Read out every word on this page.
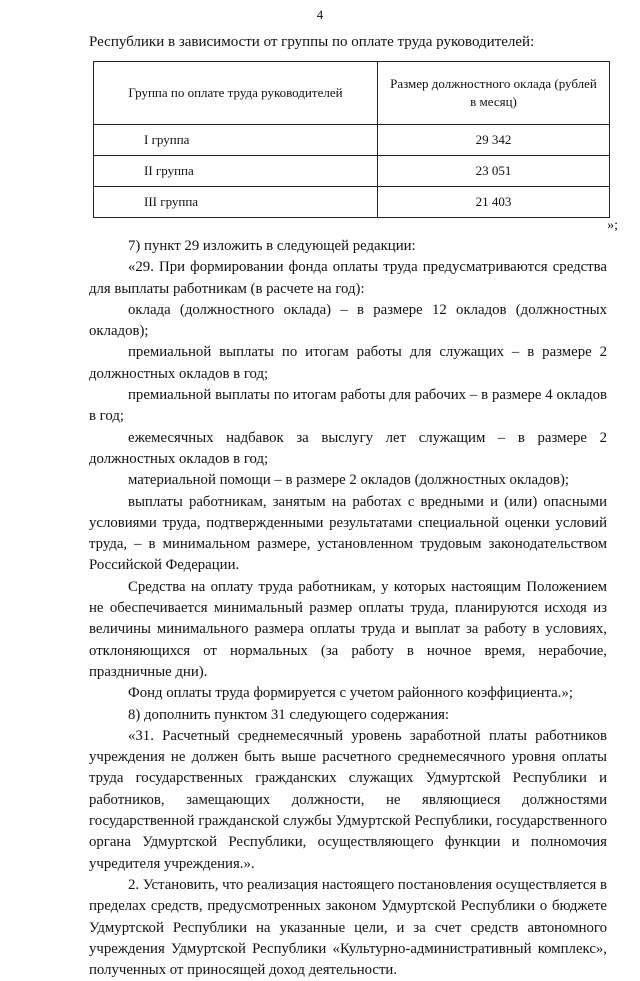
4
Республики в зависимости от группы по оплате труда руководителей:
Группа по оплате труда руководителей	Размер должностного оклада (рублей в месяц)
I группа	29 342
II группа	23 051
III группа	21 403
»;

7) пункт 29 изложить в следующей редакции:

«29. При формировании фонда оплаты труда предусматриваются средства для выплаты работникам (в расчете на год):

оклада (должностного оклада) – в размере 12 окладов (должностных окладов);

премиальной выплаты по итогам работы для служащих – в размере 2 должностных окладов в год;

премиальной выплаты по итогам работы для рабочих – в размере 4 окладов в год;

ежемесячных надбавок за выслугу лет служащим – в размере 2 должностных окладов в год;

материальной помощи – в размере 2 окладов (должностных окладов);

выплаты работникам, занятым на работах с вредными и (или) опасными условиями труда, подтвержденными результатами специальной оценки условий труда, – в минимальном размере, установленном трудовым законодательством Российской Федерации.

Средства на оплату труда работникам, у которых настоящим Положением не обеспечивается минимальный размер оплаты труда, планируются исходя из величины минимального размера оплаты труда и выплат за работу в условиях, отклоняющихся от нормальных (за работу в ночное время, нерабочие, праздничные дни).

Фонд оплаты труда формируется с учетом районного коэффициента.»;

8) дополнить пунктом 31 следующего содержания:

«31. Расчетный среднемесячный уровень заработной платы работников учреждения не должен быть выше расчетного среднемесячного уровня оплаты труда государственных гражданских служащих Удмуртской Республики и работников, замещающих должности, не являющиеся должностями государственной гражданской службы Удмуртской Республики, государственного органа Удмуртской Республики, осуществляющего функции и полномочия учредителя учреждения.».

2. Установить, что реализация настоящего постановления осуществляется в пределах средств, предусмотренных законом Удмуртской Республики о бюджете Удмуртской Республики на указанные цели, и за счет средств автономного учреждения Удмуртской Республики «Культурно-административный комплекс», полученных от приносящей доход деятельности.
